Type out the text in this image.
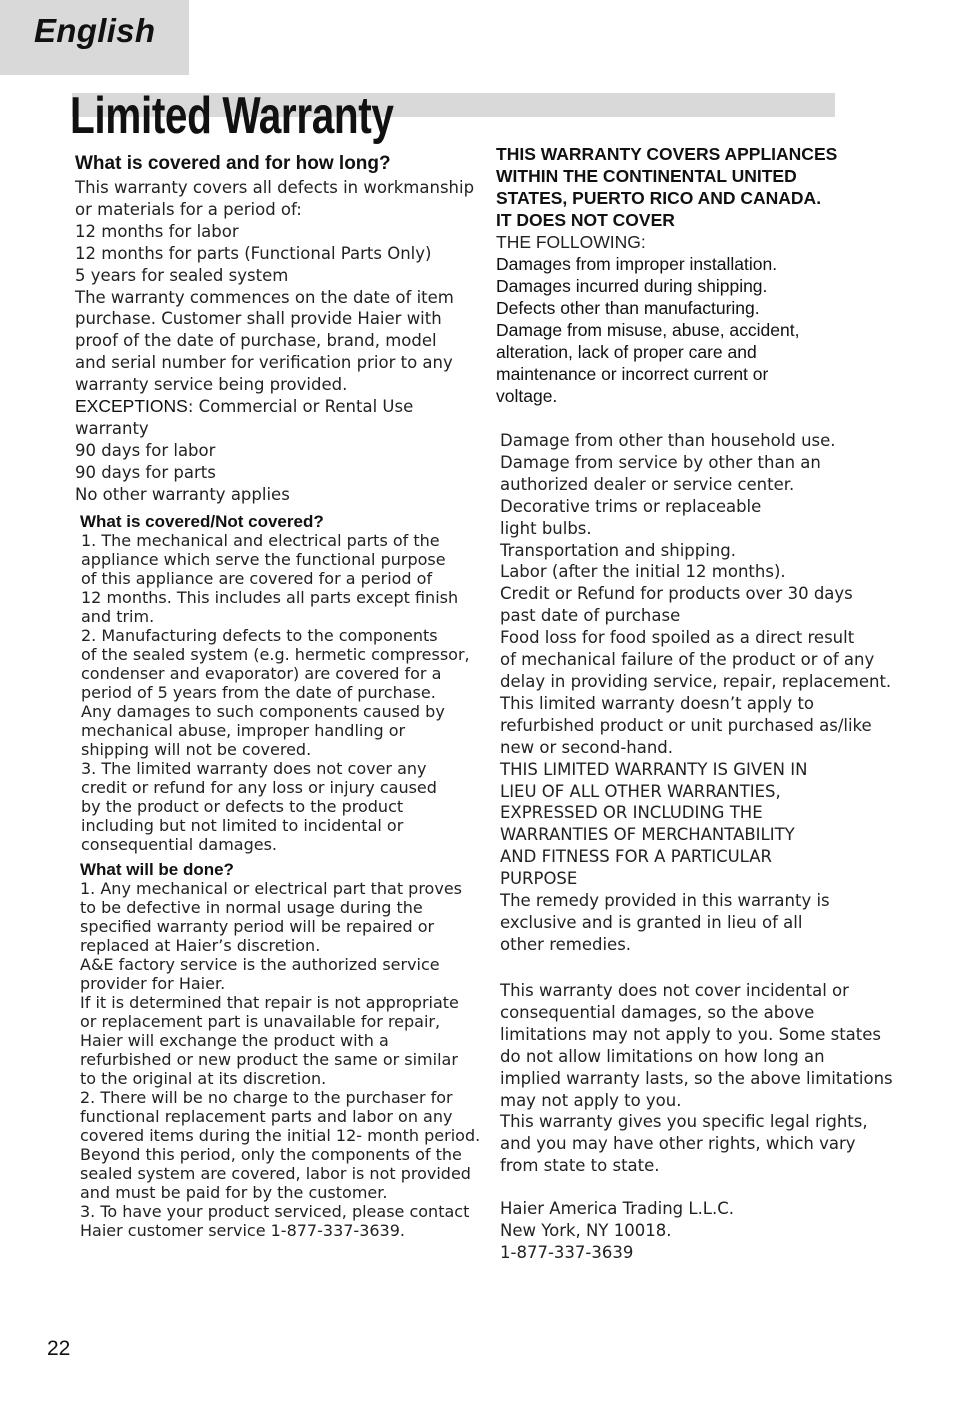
English
Limited Warranty
What is covered and for how long?

This warranty covers all defects in workmanship

or materials for a period of:

12 months for labor

12 months for parts (Functional Parts Only)

5 years for sealed system

The warranty commences on the date of item

purchase. Customer shall provide Haier with

proof of the date of purchase, brand, model

and serial number for verification prior to any

warranty service being provided.

EXCEPTIONS: Commercial or Rental Use

warranty

90 days for labor

90 days for parts

No other warranty applies

What is covered/Not covered?

1. The mechanical and electrical parts of the

appliance which serve the functional purpose

of this appliance are covered for a period of

12 months. This includes all parts except finish

and trim.

2. Manufacturing defects to the components

of the sealed system (e.g. hermetic compressor,

condenser and evaporator) are covered for a

period of 5 years from the date of purchase.

Any damages to such components caused by

mechanical abuse, improper handling or

shipping will not be covered.

3. The limited warranty does not cover any

credit or refund for any loss or injury caused

by the product or defects to the product

including but not limited to incidental or

consequential damages.

What will be done?

1. Any mechanical or electrical part that proves

to be defective in normal usage during the

specified warranty period will be repaired or

replaced at Haier’s discretion.

A&E factory service is the authorized service

provider for Haier.

If it is determined that repair is not appropriate

or replacement part is unavailable for repair,

Haier will exchange the product with a

refurbished or new product the same or similar

to the original at its discretion.

2. There will be no charge to the purchaser for

functional replacement parts and labor on any

covered items during the initial 12- month period.

Beyond this period, only the components of the

sealed system are covered, labor is not provided

and must be paid for by the customer.

3. To have your product serviced, please contact

Haier customer service 1-877-337-3639.

THIS WARRANTY COVERS APPLIANCES

WITHIN THE CONTINENTAL UNITED

STATES, PUERTO RICO AND CANADA.

IT DOES NOT COVER

THE FOLLOWING:

Damages from improper installation.

Damages incurred during shipping.

Defects other than manufacturing.

Damage from misuse, abuse, accident,

alteration, lack of proper care and

maintenance or incorrect current or

voltage.

Damage from other than household use.

Damage from service by other than an

authorized dealer or service center.

Decorative trims or replaceable

light bulbs.

Transportation and shipping.

Labor (after the initial 12 months).

Credit or Refund for products over 30 days

past date of purchase

Food loss for food spoiled as a direct result

of mechanical failure of the product or of any

delay in providing service, repair, replacement.

This limited warranty doesn’t apply to

refurbished product or unit purchased as/like

new or second-hand.

THIS LIMITED WARRANTY IS GIVEN IN

LIEU OF ALL OTHER WARRANTIES,

EXPRESSED OR INCLUDING THE

WARRANTIES OF MERCHANTABILITY

AND FITNESS FOR A PARTICULAR

PURPOSE

The remedy provided in this warranty is

exclusive and is granted in lieu of all

other remedies.

This warranty does not cover incidental or

consequential damages, so the above

limitations may not apply to you. Some states

do not allow limitations on how long an

implied warranty lasts, so the above limitations

may not apply to you.

This warranty gives you specific legal rights,

and you may have other rights, which vary

from state to state.

Haier America Trading L.L.C.

New York, NY 10018.

1-877-337-3639

22
